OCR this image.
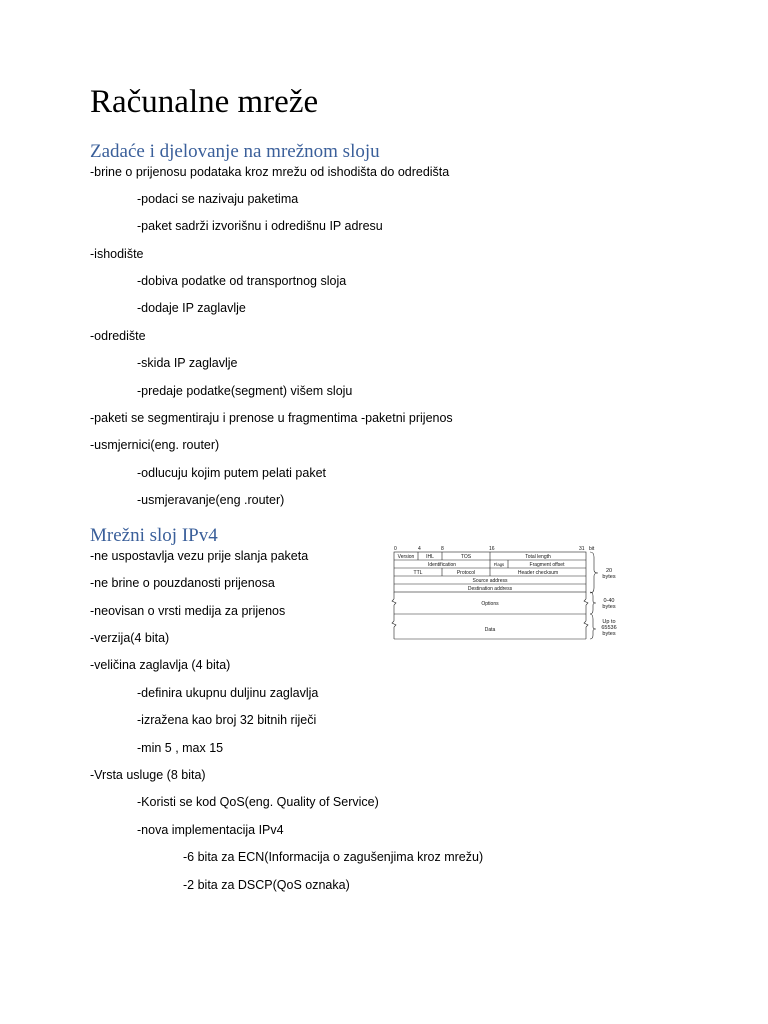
Računalne mreže
Zadaće i djelovanje na mrežnom sloju
-brine o prijenosu podataka kroz mrežu od ishodišta do odredišta
-podaci se nazivaju paketima
-paket sadrži izvorišnu i odredišnu IP adresu
-ishodište
-dobiva podatke od transportnog sloja
-dodaje IP zaglavlje
-odredište
-skida IP zaglavlje
-predaje podatke(segment) višem sloju
-paketi se segmentiraju i prenose u fragmentima -paketni prijenos
-usmjernici(eng. router)
-odlucuju kojim putem pelati paket
-usmjeravanje(eng .router)
Mrežni sloj IPv4
-ne uspostavlja vezu prije slanja paketa
-ne brine o pouzdanosti prijenosa
-neovisan o vrsti medija za prijenos
-verzija(4 bita)
-veličina zaglavlja (4 bita)
-definira ukupnu duljinu zaglavlja
-izražena kao broj 32 bitnih riječi
-min 5 , max 15
-Vrsta usluge (8 bita)
-Koristi se kod QoS(eng. Quality of Service)
-nova implementacija IPv4
-6 bita za ECN(Informacija o zagušenjima kroz mrežu)
-2 bita za DSCP(QoS oznaka)
0	4	8	16	31 bit
Version IHL	TOS	Total length
Identification	Flags	Fragment offset
TTL	Protocol	Header checksum
Source address
Destination address
Options
Data
20
bytes
0-40
bytes
Up to
65536
bytes
